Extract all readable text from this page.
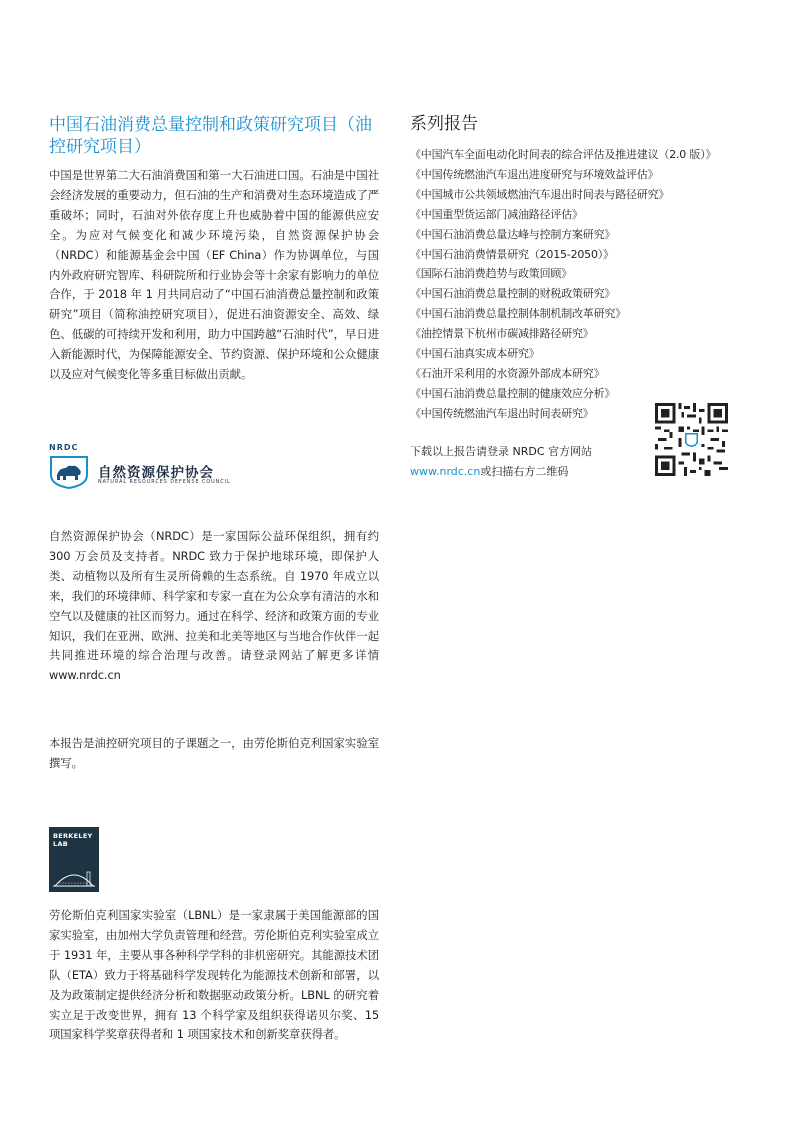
中国石油消费总量控制和政策研究项目（油控研究项目）

中国是世界第二大石油消费国和第一大石油进口国。石油是中国社会经济发展的重要动力，但石油的生产和消费对生态环境造成了严重破坏；同时，石油对外依存度上升也威胁着中国的能源供应安全。为应对气候变化和减少环境污染，自然资源保护协会（NRDC）和能源基金会中国（EF China）作为协调单位，与国内外政府研究智库、科研院所和行业协会等十余家有影响力的单位合作，于 2018 年 1 月共同启动了“中国石油消费总量控制和政策研究”项目（简称油控研究项目），促进石油资源安全、高效、绿色、低碳的可持续开发和利用，助力中国跨越“石油时代”，早日进入新能源时代，为保障能源安全、节约资源、保护环境和公众健康以及应对气候变化等多重目标做出贡献。

NRDC
自然资源保护协会
NATURAL RESOURCES DEFENSE COUNCIL

自然资源保护协会（NRDC）是一家国际公益环保组织，拥有约 300 万会员及支持者。NRDC 致力于保护地球环境，即保护人类、动植物以及所有生灵所倚赖的生态系统。自 1970 年成立以来，我们的环境律师、科学家和专家一直在为公众享有清洁的水和空气以及健康的社区而努力。通过在科学、经济和政策方面的专业知识，我们在亚洲、欧洲、拉美和北美等地区与当地合作伙伴一起共同推进环境的综合治理与改善。请登录网站了解更多详情 www.nrdc.cn

本报告是油控研究项目的子课题之一，由劳伦斯伯克利国家实验室撰写。

BERKELEY
LAB

劳伦斯伯克利国家实验室（LBNL）是一家隶属于美国能源部的国家实验室，由加州大学负责管理和经营。劳伦斯伯克利实验室成立于 1931 年，主要从事各种科学学科的非机密研究。其能源技术团队（ETA）致力于将基础科学发现转化为能源技术创新和部署，以及为政策制定提供经济分析和数据驱动政策分析。LBNL 的研究着实立足于改变世界，拥有 13 个科学家及组织获得诺贝尔奖、15 项国家科学奖章获得者和 1 项国家技术和创新奖章获得者。

系列报告
《中国汽车全面电动化时间表的综合评估及推进建议（2.0 版）》
《中国传统燃油汽车退出进度研究与环境效益评估》
《中国城市公共领域燃油汽车退出时间表与路径研究》
《中国重型货运部门减油路径评估》
《中国石油消费总量达峰与控制方案研究》
《中国石油消费情景研究（2015-2050）》
《国际石油消费趋势与政策回顾》
《中国石油消费总量控制的财税政策研究》
《中国石油消费总量控制体制机制改革研究》
《油控情景下杭州市碳减排路径研究》
《中国石油真实成本研究》
《石油开采利用的水资源外部成本研究》
《中国石油消费总量控制的健康效应分析》
《中国传统燃油汽车退出时间表研究》
下载以上报告请登录 NRDC 官方网站
www.nrdc.cn或扫描右方二维码
